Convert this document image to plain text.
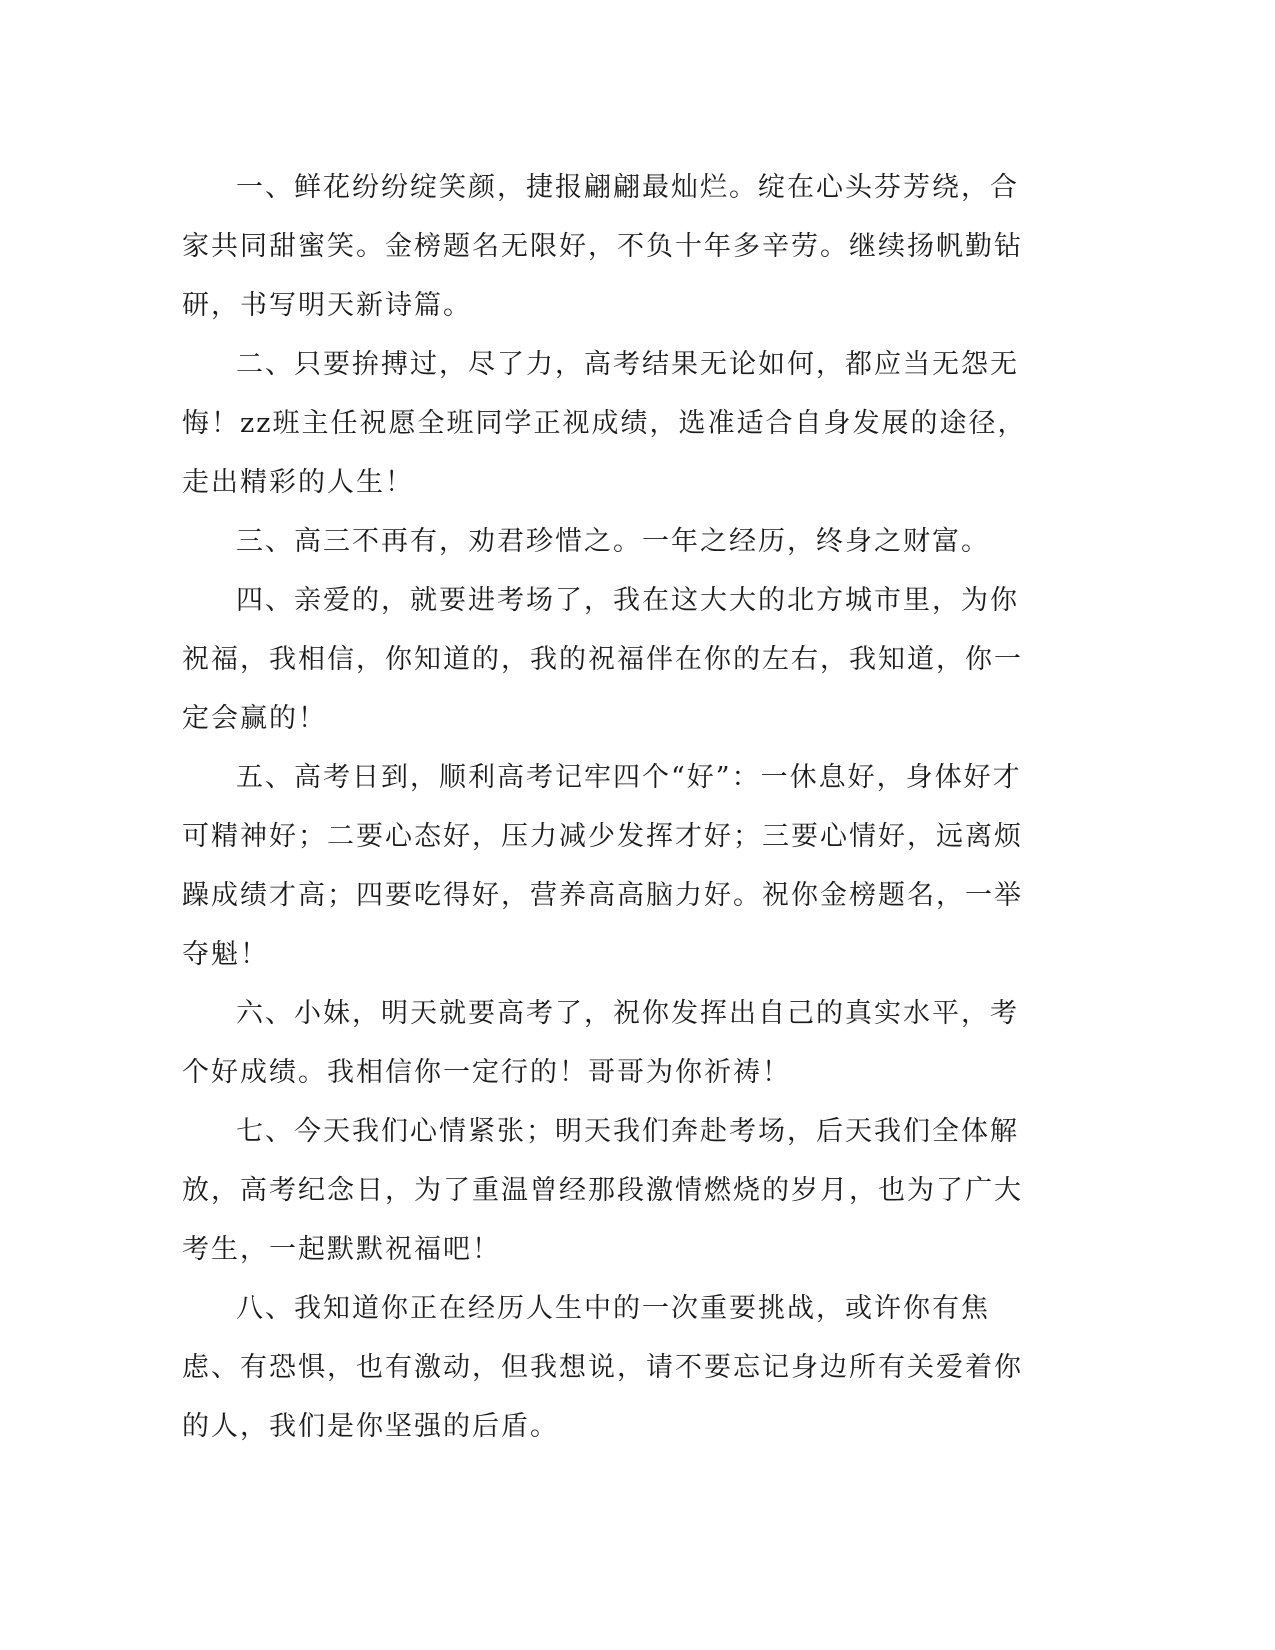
一、鲜花纷纷绽笑颜，捷报翩翩最灿烂。绽在心头芬芳绕，合家共同甜蜜笑。金榜题名无限好，不负十年多辛劳。继续扬帆勤钻研，书写明天新诗篇。

二、只要拚搏过，尽了力，高考结果无论如何，都应当无怨无悔！zz班主任祝愿全班同学正视成绩，选准适合自身发展的途径，走出精彩的人生！

三、高三不再有，劝君珍惜之。一年之经历，终身之财富。

四、亲爱的，就要进考场了，我在这大大的北方城市里，为你祝福，我相信，你知道的，我的祝福伴在你的左右，我知道，你一定会赢的！

五、高考日到，顺利高考记牢四个“好”：一休息好，身体好才可精神好；二要心态好，压力减少发挥才好；三要心情好，远离烦躁成绩才高；四要吃得好，营养高高脑力好。祝你金榜题名，一举夺魁！

六、小妹，明天就要高考了，祝你发挥出自己的真实水平，考个好成绩。我相信你一定行的！哥哥为你祈祷！

七、今天我们心情紧张；明天我们奔赴考场，后天我们全体解放，高考纪念日，为了重温曾经那段激情燃烧的岁月，也为了广大考生，一起默默祝福吧！

八、我知道你正在经历人生中的一次重要挑战，或许你有焦虑、有恐惧，也有激动，但我想说，请不要忘记身边所有关爱着你的人，我们是你坚强的后盾。
